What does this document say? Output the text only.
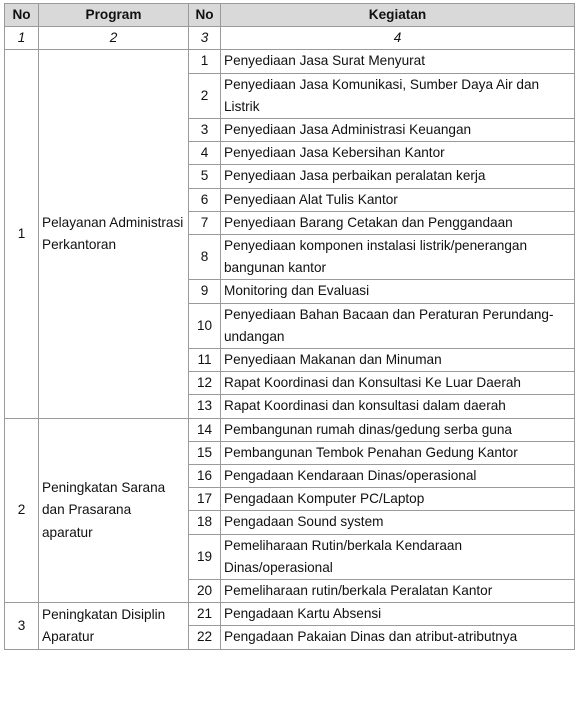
No	Program	No	Kegiatan
1	2	3	4
1	Pelayanan Administrasi Perkantoran	1	Penyediaan Jasa Surat Menyurat
		2	Penyediaan Jasa Komunikasi, Sumber Daya Air dan Listrik
		3	Penyediaan Jasa Administrasi Keuangan
		4	Penyediaan Jasa Kebersihan Kantor
		5	Penyediaan Jasa perbaikan peralatan kerja
		6	Penyediaan Alat Tulis Kantor
		7	Penyediaan Barang Cetakan dan Penggandaan
		8	Penyediaan komponen instalasi listrik/penerangan bangunan kantor
		9	Monitoring dan Evaluasi
		10	Penyediaan Bahan Bacaan dan Peraturan Perundang-undangan
		11	Penyediaan Makanan dan Minuman
		12	Rapat Koordinasi dan Konsultasi Ke Luar Daerah
		13	Rapat Koordinasi dan konsultasi dalam daerah
2	Peningkatan Sarana dan Prasarana aparatur	14	Pembangunan rumah dinas/gedung serba guna
		15	Pembangunan Tembok Penahan Gedung Kantor
		16	Pengadaan Kendaraan Dinas/operasional
		17	Pengadaan Komputer PC/Laptop
		18	Pengadaan Sound system
		19	Pemeliharaan Rutin/berkala Kendaraan Dinas/operasional
		20	Pemeliharaan rutin/berkala Peralatan Kantor
3	Peningkatan Disiplin Aparatur	21	Pengadaan Kartu Absensi
		22	Pengadaan Pakaian Dinas dan atribut-atributnya
